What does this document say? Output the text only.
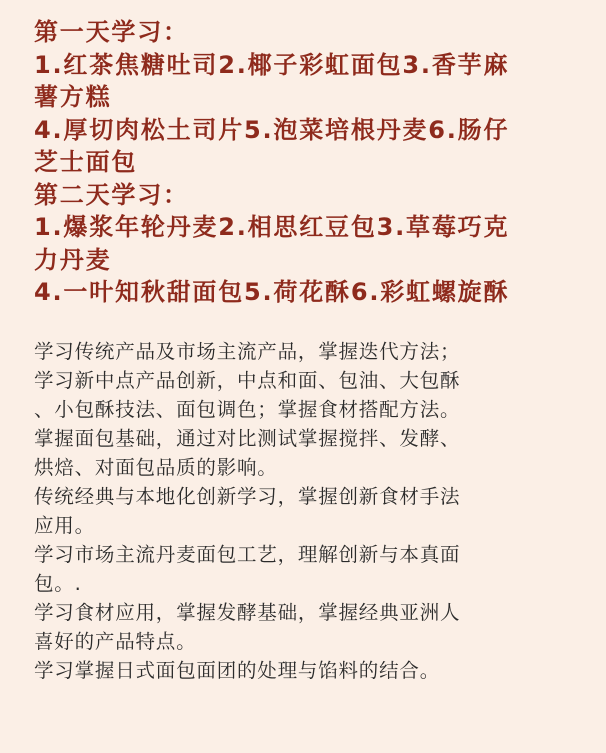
第一天学习：
1.红茶焦糖吐司2.椰子彩虹面包3.香芋麻
薯方糕
4.厚切肉松土司片5.泡菜培根丹麦6.肠仔
芝士面包
第二天学习：
1.爆浆年轮丹麦2.相思红豆包3.草莓巧克
力丹麦
4.一叶知秋甜面包5.荷花酥6.彩虹螺旋酥
学习传统产品及市场主流产品，掌握迭代方法；
学习新中点产品创新，中点和面、包油、大包酥
、小包酥技法、面包调色；掌握食材搭配方法。
掌握面包基础，通过对比测试掌握搅拌、发酵、
烘焙、对面包品质的影响。
传统经典与本地化创新学习，掌握创新食材手法
应用。
学习市场主流丹麦面包工艺，理解创新与本真面
包。.
学习食材应用，掌握发酵基础，掌握经典亚洲人
喜好的产品特点。
学习掌握日式面包面团的处理与馅料的结合。
